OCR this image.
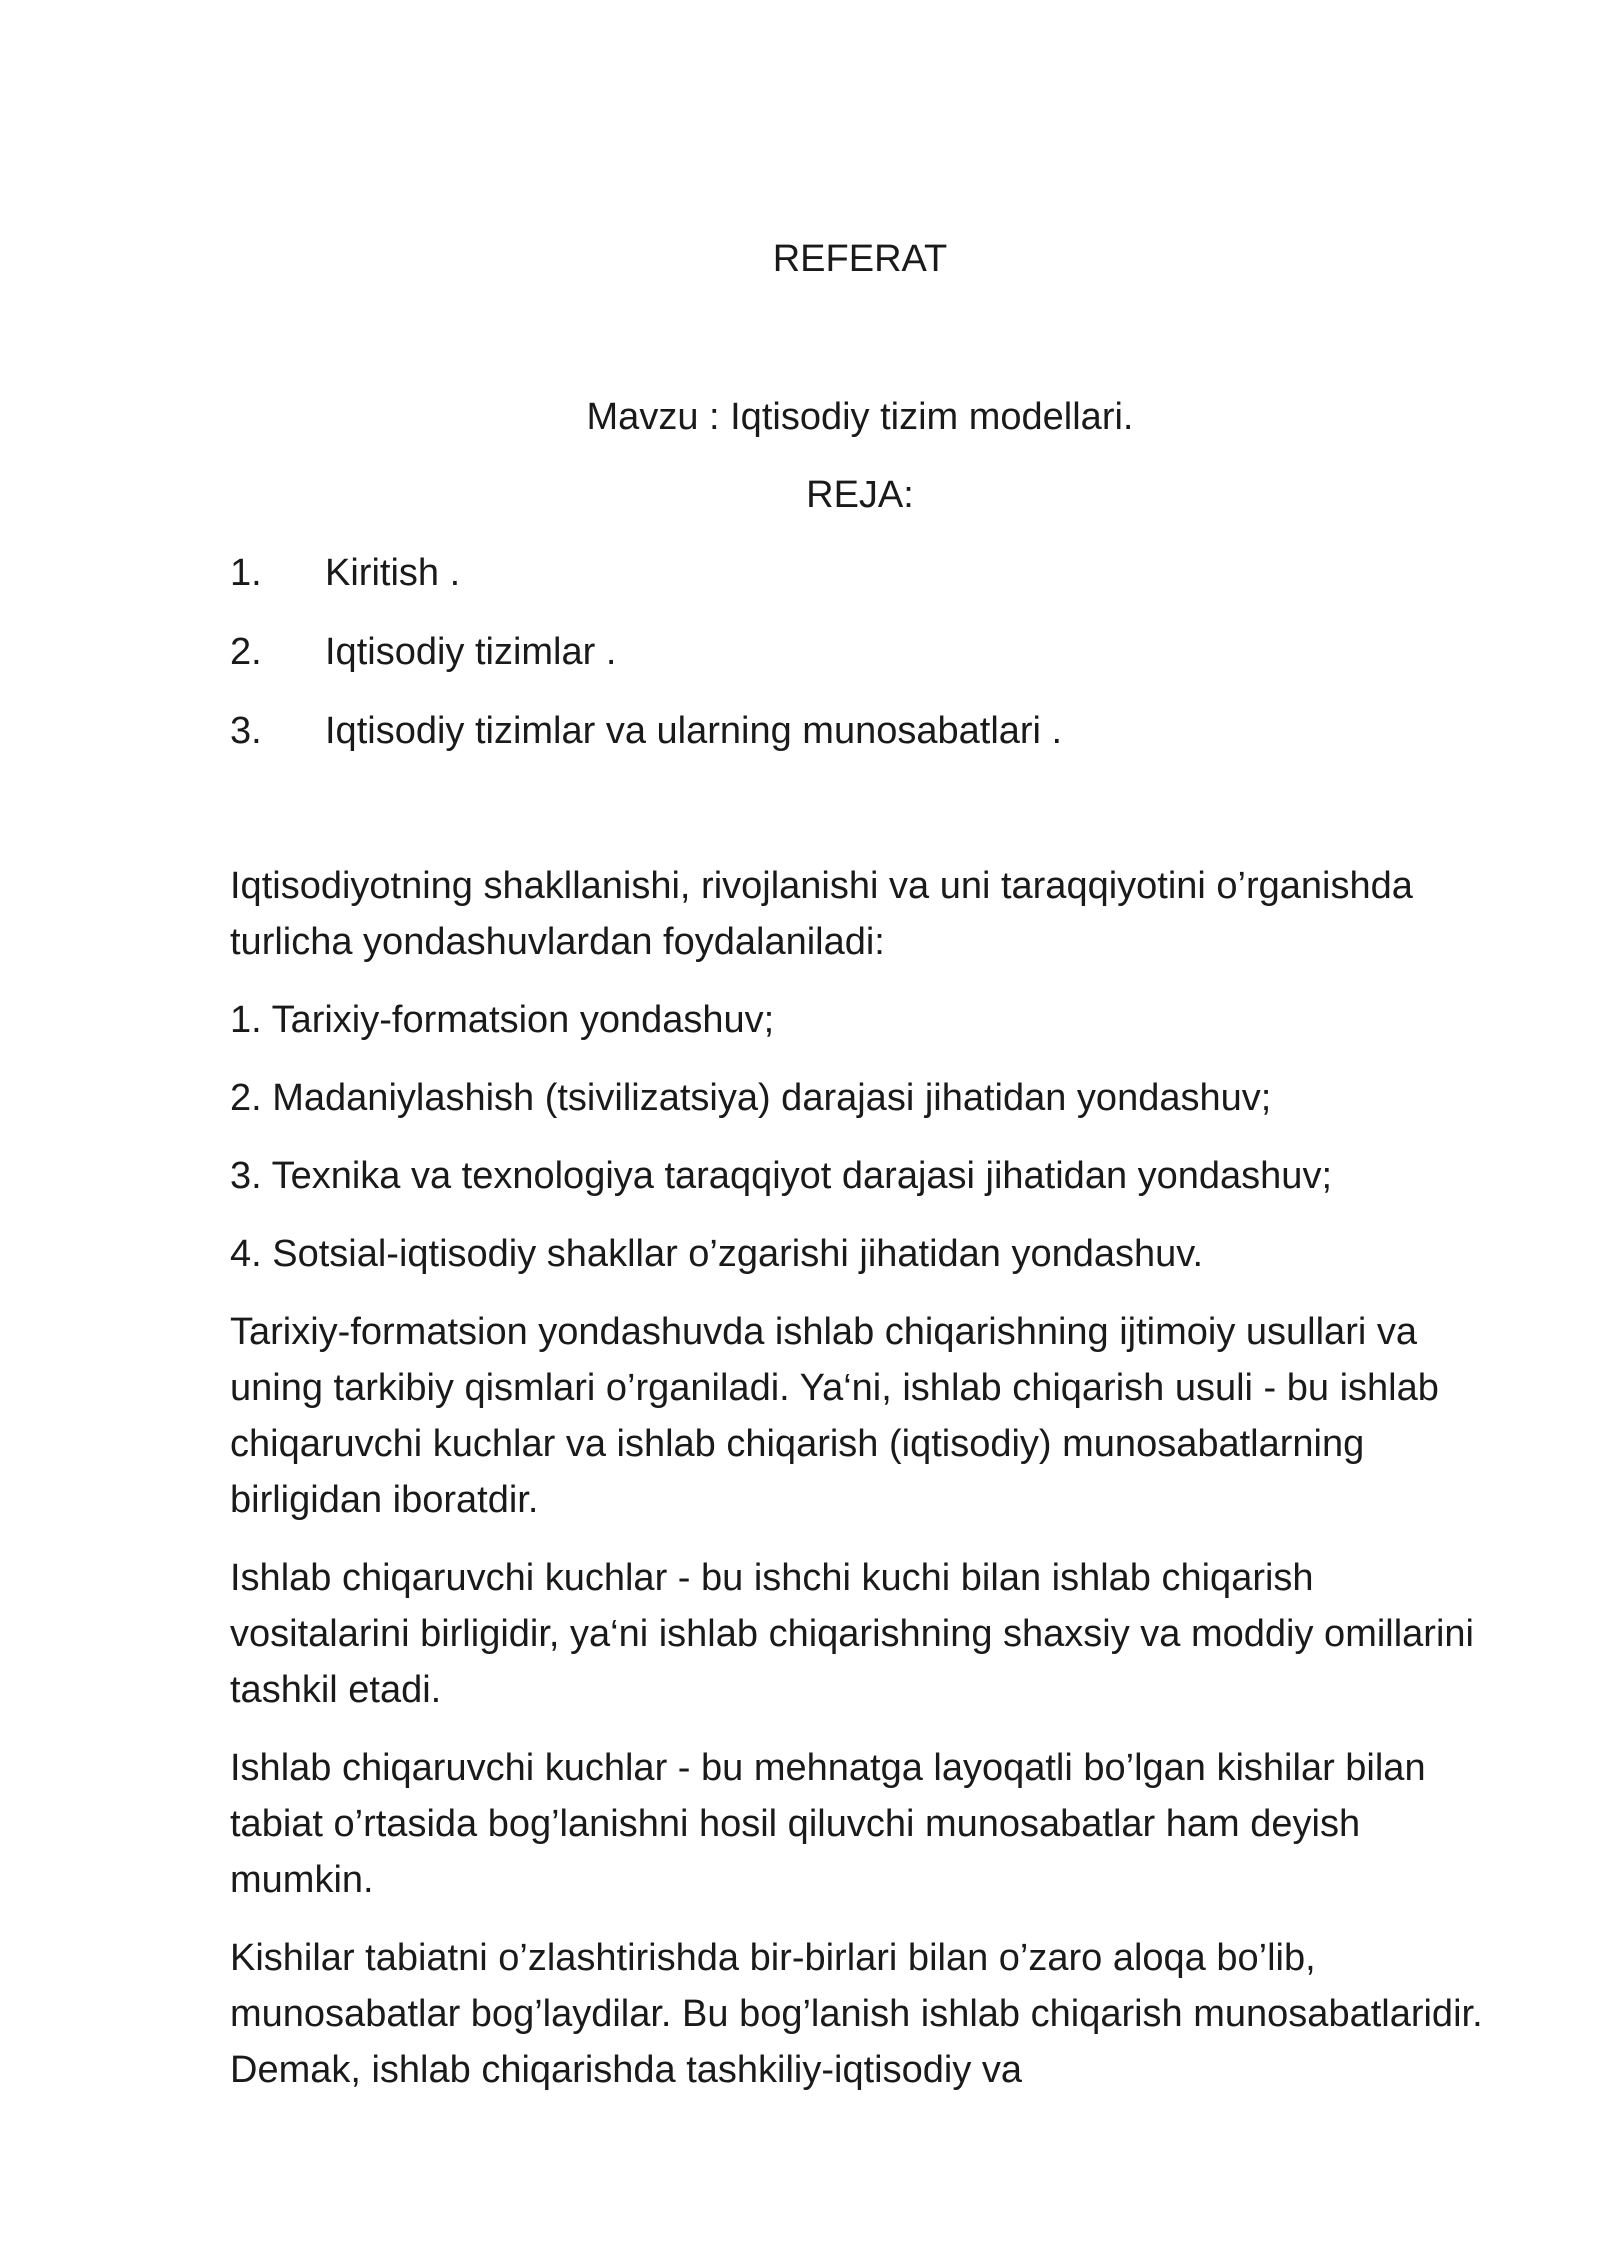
REFERAT

Mavzu : Iqtisodiy tizim modellari.

REJA:
1.	Kiritish .
2.	Iqtisodiy tizimlar .
3.	Iqtisodiy tizimlar va ularning munosabatlari .

Iqtisodiyotning shakllanishi, rivojlanishi va uni taraqqiyotini o’rganishda turlicha yondashuvlardan foydalaniladi:

1. Tarixiy-formatsion yondashuv;

2. Madaniylashish (tsivilizatsiya) darajasi jihatidan yondashuv;

3. Texnika va texnologiya taraqqiyot darajasi jihatidan yondashuv;

4. Sotsial-iqtisodiy shakllar o’zgarishi jihatidan yondashuv.

Tarixiy-formatsion yondashuvda ishlab chiqarishning ijtimoiy usullari va uning tarkibiy qismlari o’rganiladi. Ya‘ni, ishlab chiqarish usuli - bu ishlab chiqaruvchi kuchlar va ishlab chiqarish (iqtisodiy) munosabatlarning birligidan iboratdir.

Ishlab chiqaruvchi kuchlar - bu ishchi kuchi bilan ishlab chiqarish vositalarini birligidir, ya‘ni ishlab chiqarishning shaxsiy va moddiy omillarini tashkil etadi.

Ishlab chiqaruvchi kuchlar - bu mehnatga layoqatli bo’lgan kishilar bilan tabiat o’rtasida bog’lanishni hosil qiluvchi munosabatlar ham deyish mumkin.

Kishilar tabiatni o’zlashtirishda bir-birlari bilan o’zaro aloqa bo’lib, munosabatlar bog’laydilar. Bu bog’lanish ishlab chiqarish munosabatlaridir. Demak, ishlab chiqarishda tashkiliy-iqtisodiy va
